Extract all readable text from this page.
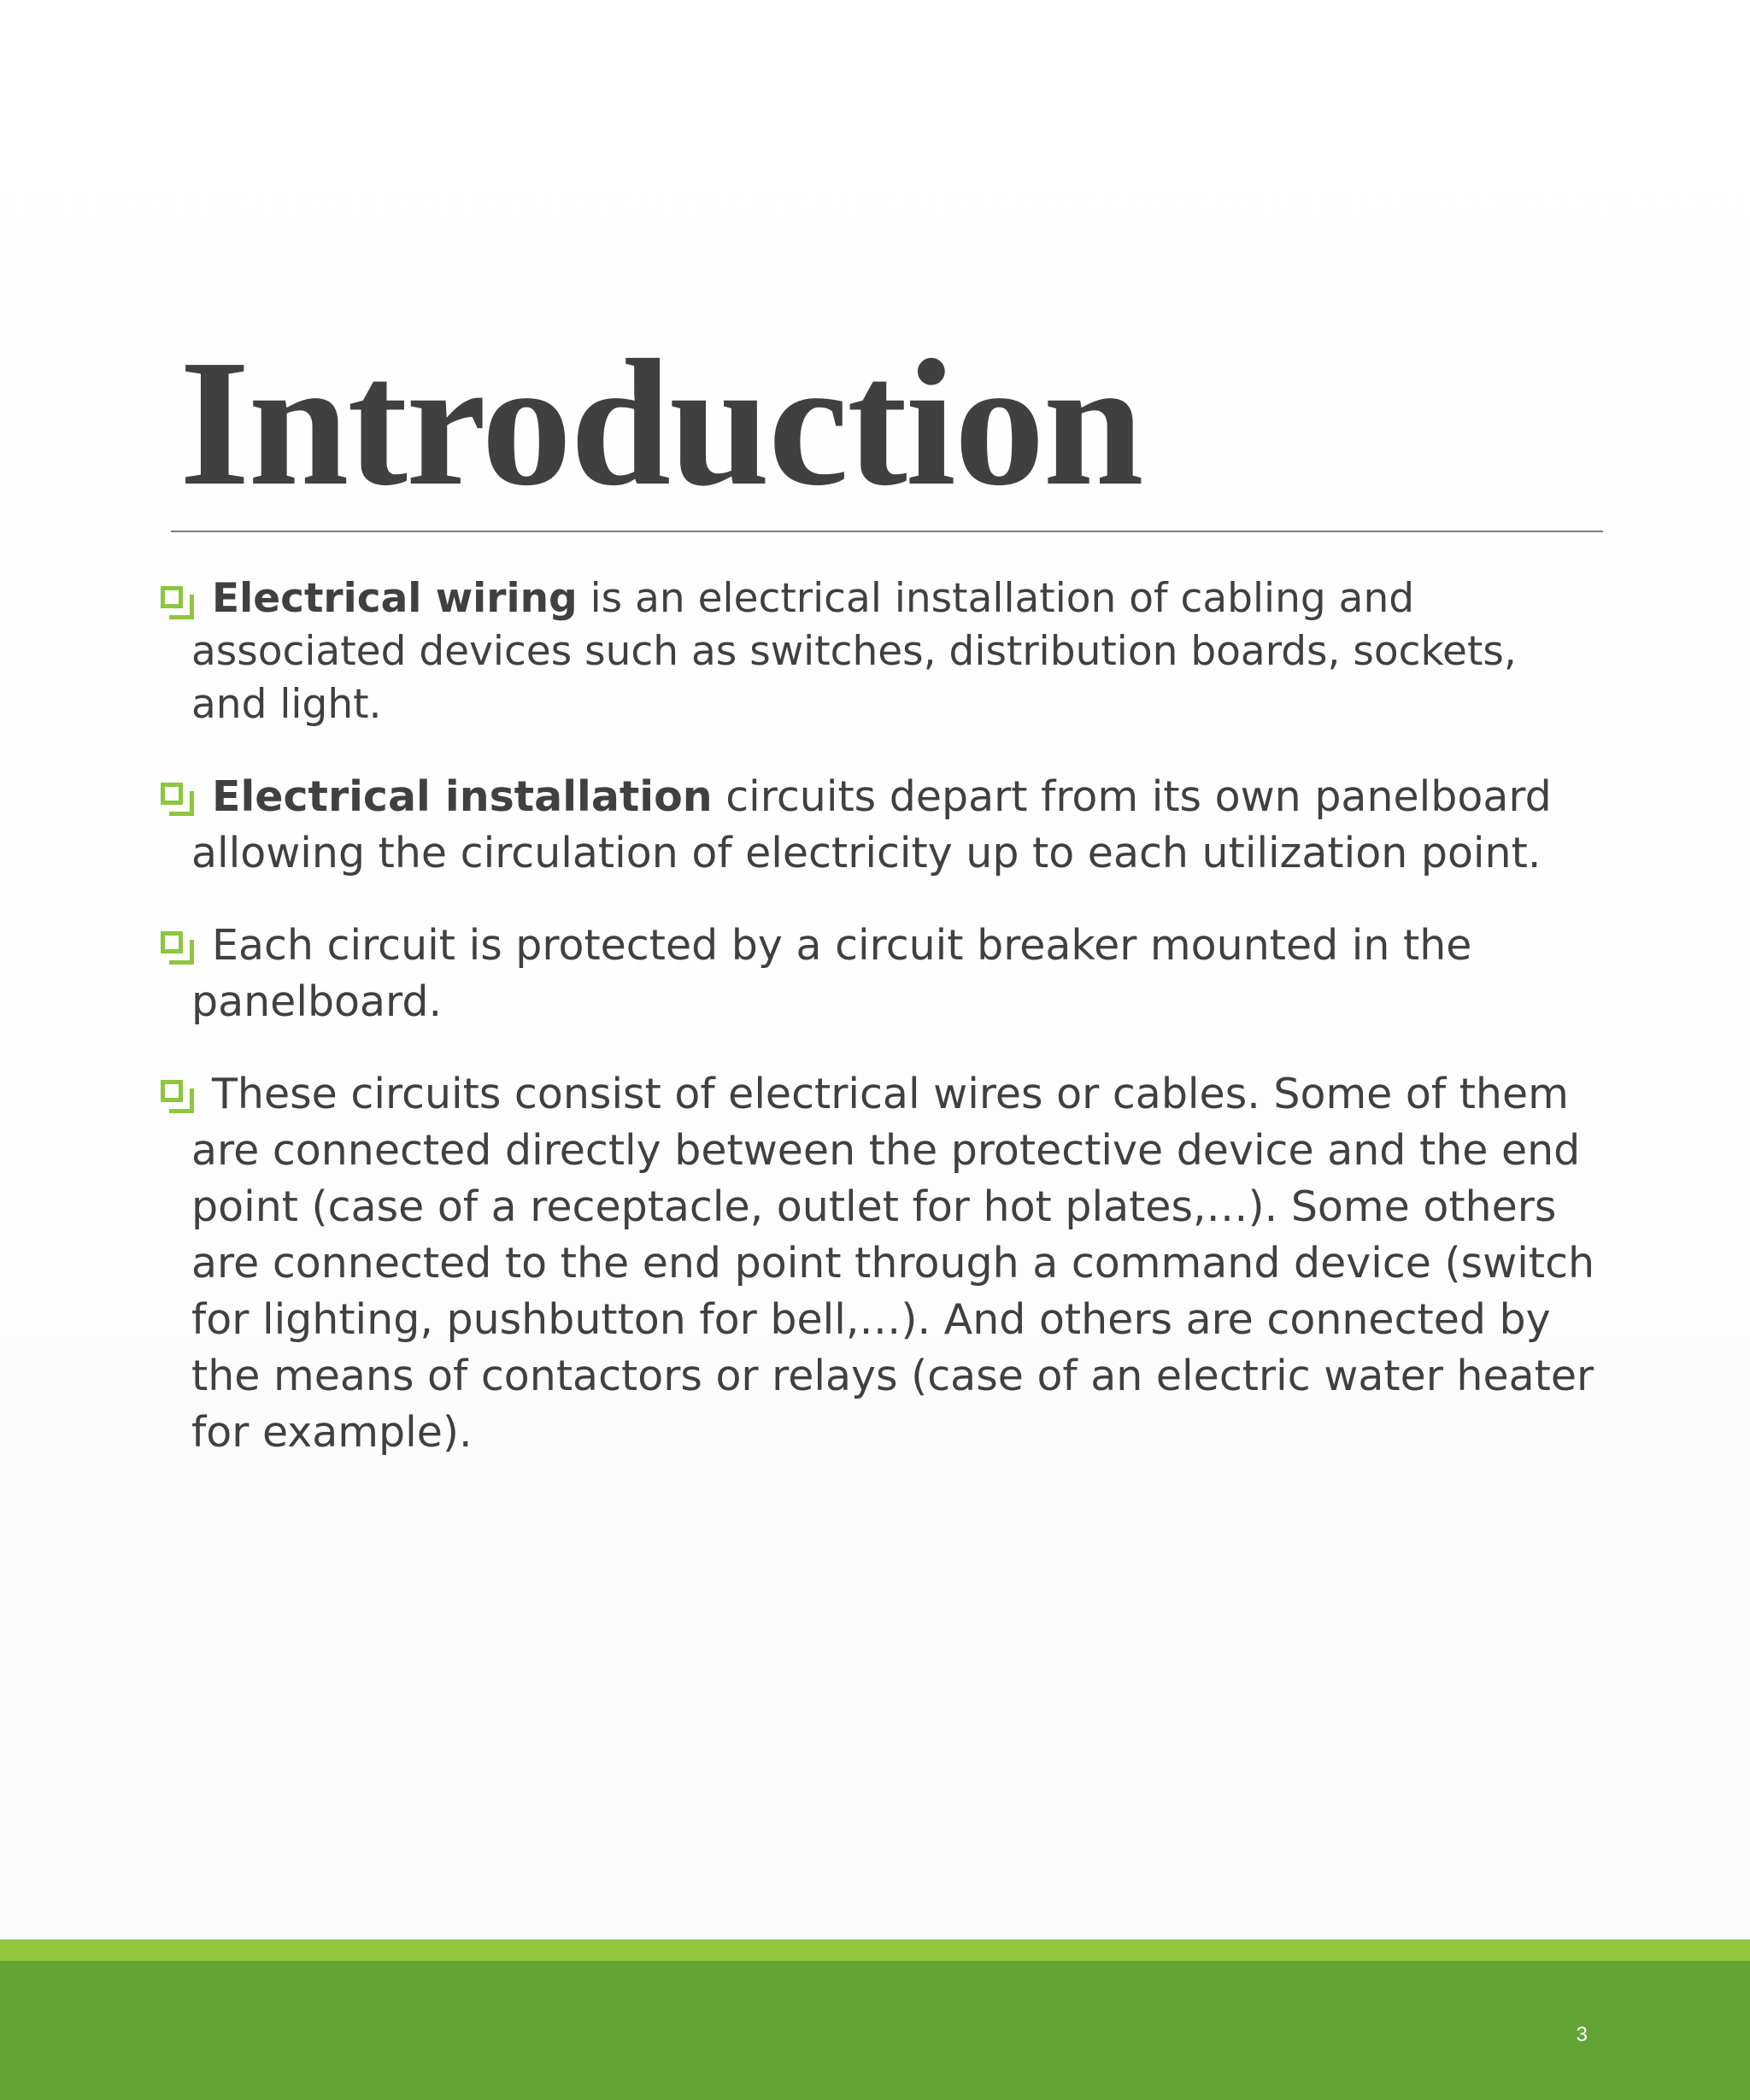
Introduction
Electrical wiring is an electrical installation of cabling and associated devices such as switches, distribution boards, sockets, and light.
Electrical installation circuits depart from its own panelboard allowing the circulation of electricity up to each utilization point.
Each circuit is protected by a circuit breaker mounted in the panelboard.
These circuits consist of electrical wires or cables. Some of them are connected directly between the protective device and the end point (case of a receptacle, outlet for hot plates,…). Some others are connected to the end point through a command device (switch for lighting, pushbutton for bell,…). And others are connected by the means of contactors or relays (case of an electric water heater for example).
3
